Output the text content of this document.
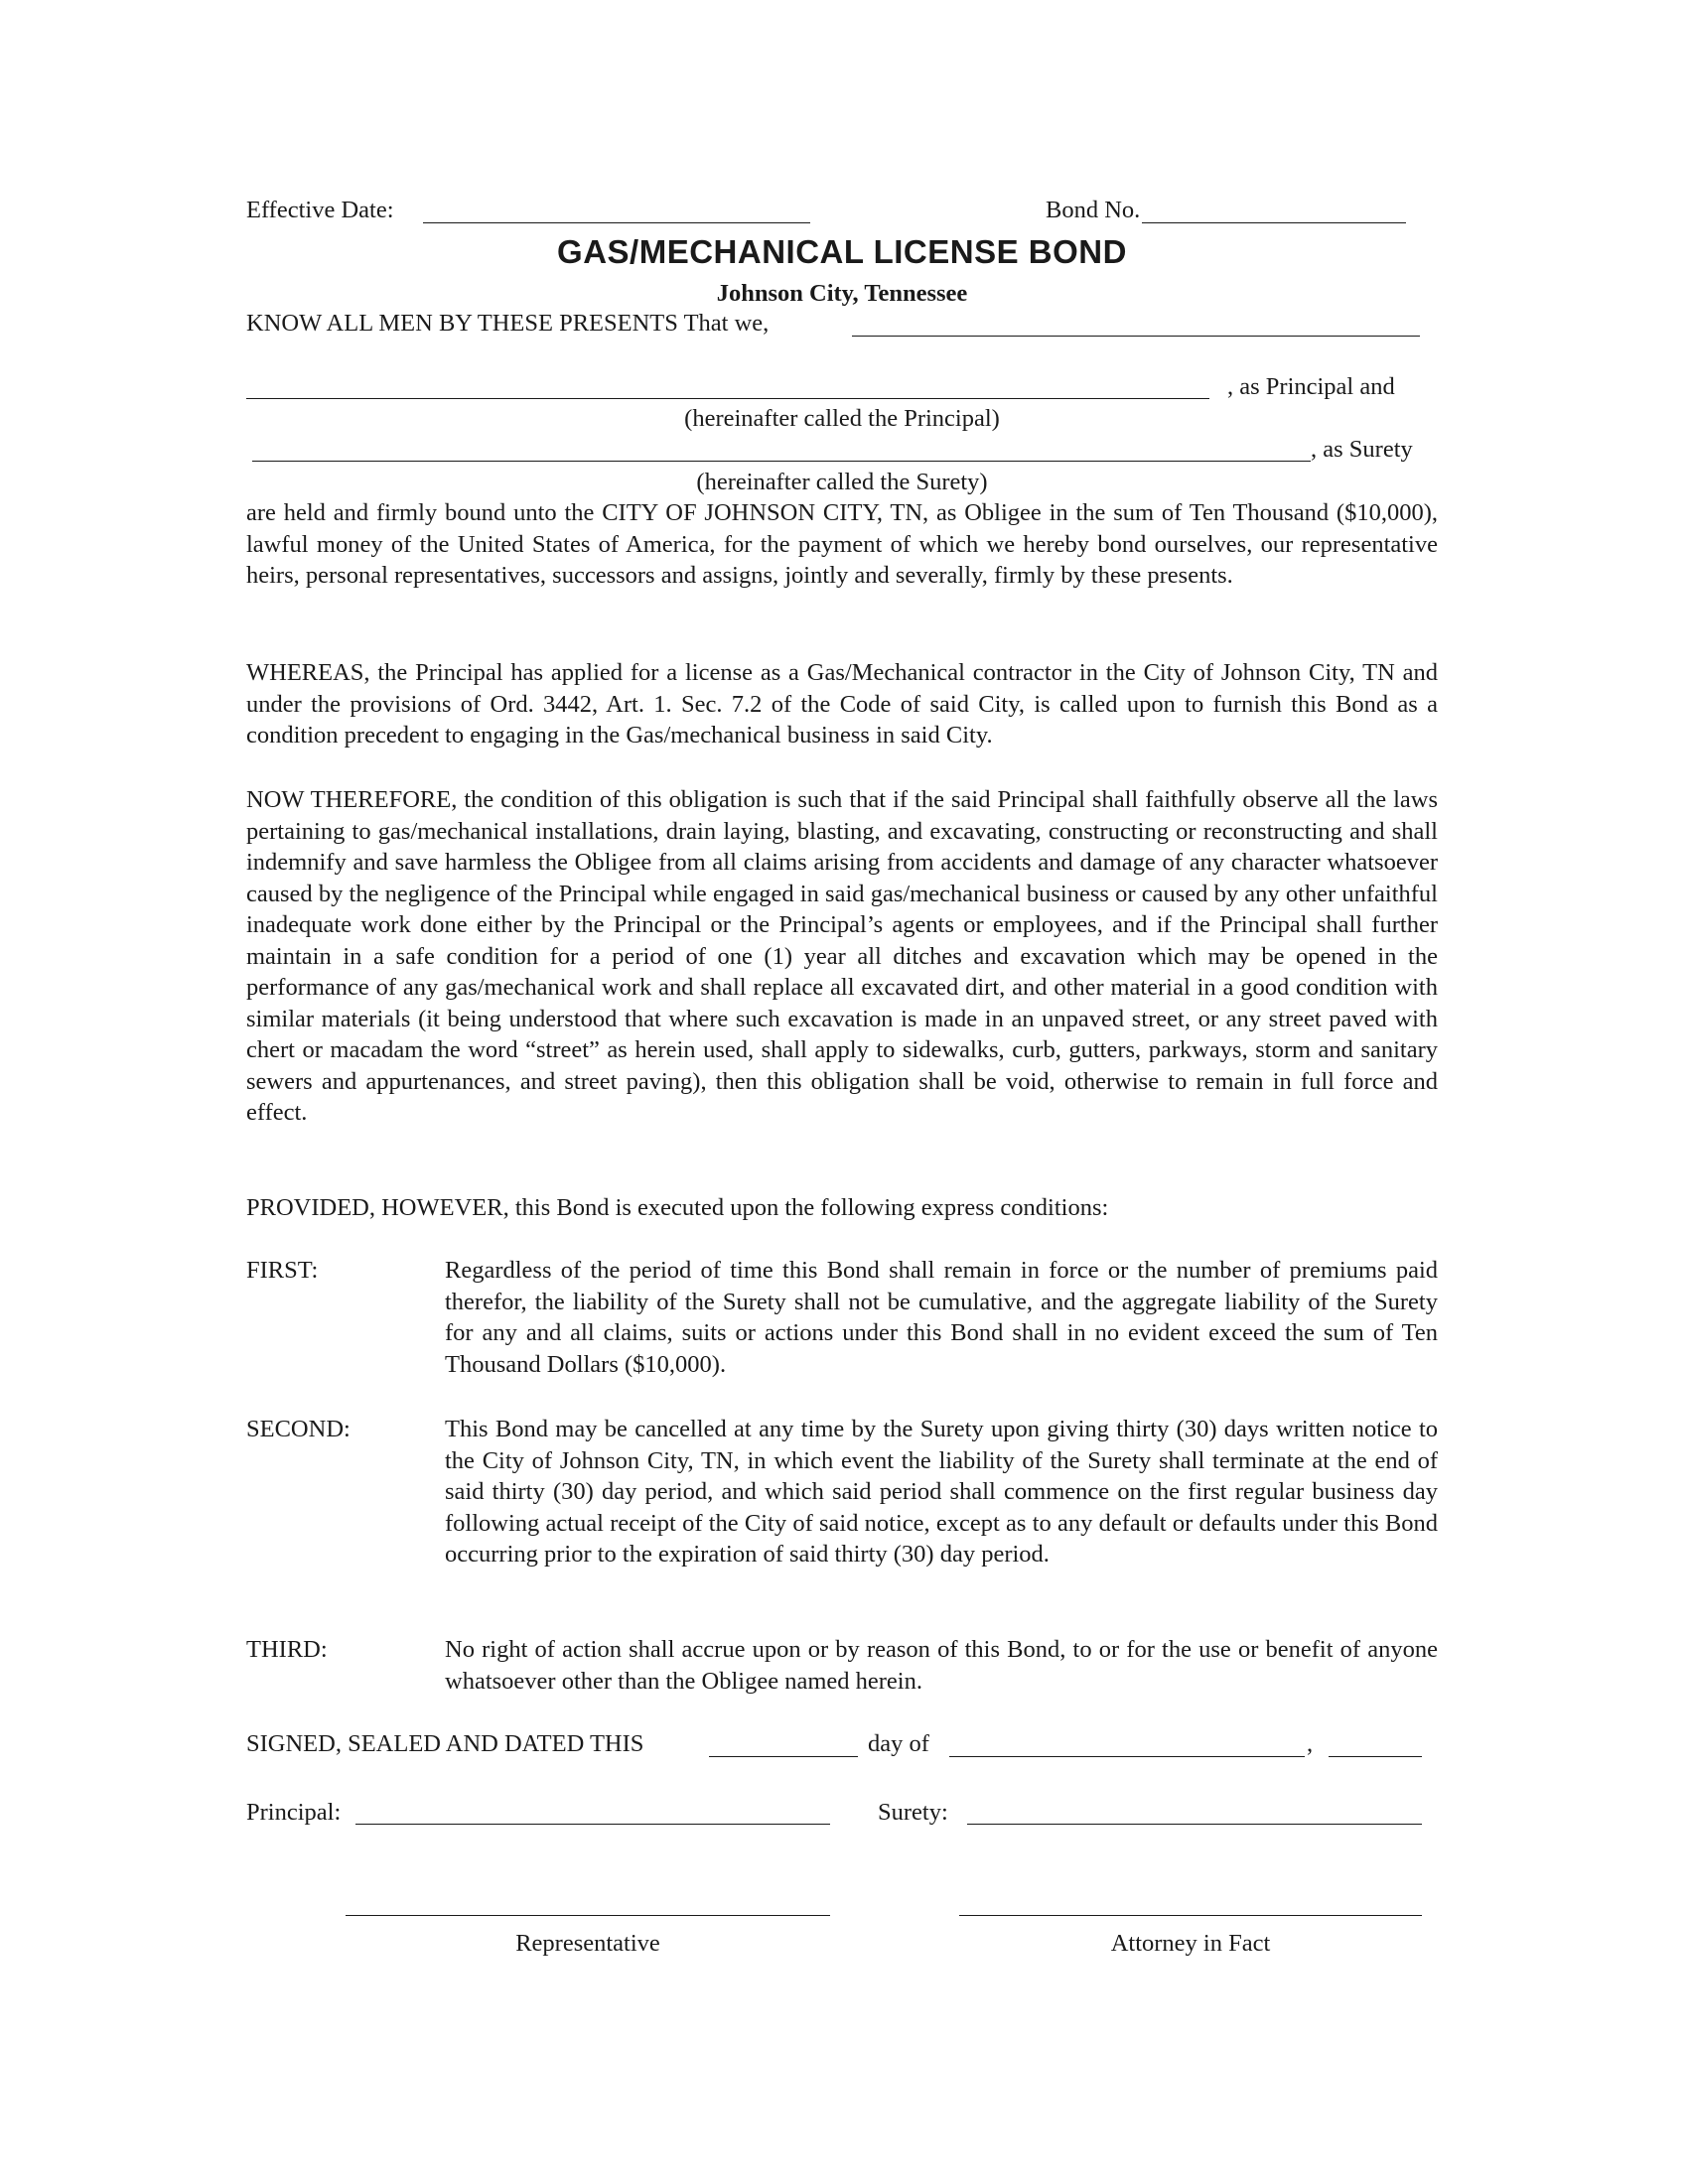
Effective Date:	Bond No.
GAS/MECHANICAL LICENSE BOND
Johnson City, Tennessee
KNOW ALL MEN BY THESE PRESENTS That we,
, as Principal and
(hereinafter called the Principal)
, as Surety
(hereinafter called the Surety)
are held and firmly bound unto the CITY OF JOHNSON CITY, TN, as Obligee in the sum of Ten Thousand ($10,000), lawful money of the United States of America, for the payment of which we hereby bond ourselves, our representative heirs, personal representatives, successors and assigns, jointly and severally, firmly by these presents.
WHEREAS, the Principal has applied for a license as a Gas/Mechanical contractor in the City of Johnson City, TN and under the provisions of Ord. 3442, Art. 1. Sec. 7.2 of the Code of said City, is called upon to furnish this Bond as a condition precedent to engaging in the Gas/mechanical business in said City.
NOW THEREFORE, the condition of this obligation is such that if the said Principal shall faithfully observe all the laws pertaining to gas/mechanical installations, drain laying, blasting, and excavating, constructing or reconstructing and shall indemnify and save harmless the Obligee from all claims arising from accidents and damage of any character whatsoever caused by the negligence of the Principal while engaged in said gas/mechanical business or caused by any other unfaithful inadequate work done either by the Principal or the Principal’s agents or employees, and if the Principal shall further maintain in a safe condition for a period of one (1) year all ditches and excavation which may be opened in the performance of any gas/mechanical work and shall replace all excavated dirt, and other material in a good condition with similar materials (it being understood that where such excavation is made in an unpaved street, or any street paved with chert or macadam the word “street” as herein used, shall apply to sidewalks, curb, gutters, parkways, storm and sanitary sewers and appurtenances, and street paving), then this obligation shall be void, otherwise to remain in full force and effect.
PROVIDED, HOWEVER, this Bond is executed upon the following express conditions:
FIRST:	Regardless of the period of time this Bond shall remain in force or the number of premiums paid therefor, the liability of the Surety shall not be cumulative, and the aggregate liability of the Surety for any and all claims, suits or actions under this Bond shall in no evident exceed the sum of Ten Thousand Dollars ($10,000).
SECOND:	This Bond may be cancelled at any time by the Surety upon giving thirty (30) days written notice to the City of Johnson City, TN, in which event the liability of the Surety shall terminate at the end of said thirty (30) day period, and which said period shall commence on the first regular business day following actual receipt of the City of said notice, except as to any default or defaults under this Bond occurring prior to the expiration of said thirty (30) day period.
THIRD:	No right of action shall accrue upon or by reason of this Bond, to or for the use or benefit of anyone whatsoever other than the Obligee named herein.
SIGNED, SEALED AND DATED THIS	day of	,
Principal:	Surety:
Representative	Attorney in Fact
